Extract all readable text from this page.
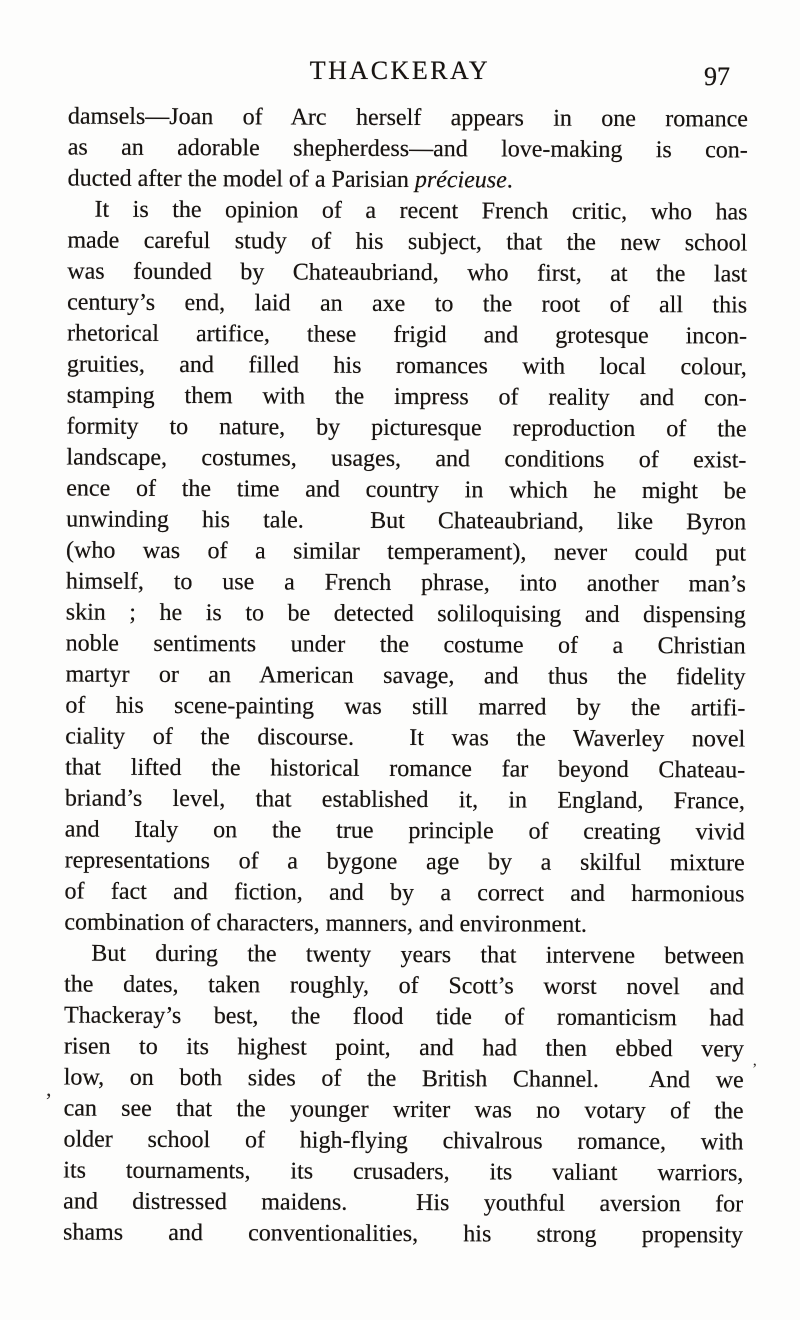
THACKERAY	97
damsels—Joan of Arc herself appears in one romance
as an adorable shepherdess—and love-making is con-
ducted after the model of a Parisian précieuse.
It is the opinion of a recent French critic, who has
made careful study of his subject, that the new school
was founded by Chateaubriand, who first, at the last
century’s end, laid an axe to the root of all this
rhetorical artifice, these frigid and grotesque incon-
gruities, and filled his romances with local colour,
stamping them with the impress of reality and con-
formity to nature, by picturesque reproduction of the
landscape, costumes, usages, and conditions of exist-
ence of the time and country in which he might be
unwinding his tale.  But Chateaubriand, like Byron
(who was of a similar temperament), never could put
himself, to use a French phrase, into another man’s
skin ; he is to be detected soliloquising and dispensing
noble sentiments under the costume of a Christian
martyr or an American savage, and thus the fidelity
of his scene-painting was still marred by the artifi-
ciality of the discourse.  It was the Waverley novel
that lifted the historical romance far beyond Chateau-
briand’s level, that established it, in England, France,
and Italy on the true principle of creating vivid
representations of a bygone age by a skilful mixture
of fact and fiction, and by a correct and harmonious
combination of characters, manners, and environment.
But during the twenty years that intervene between
the dates, taken roughly, of Scott’s worst novel and
Thackeray’s best, the flood tide of romanticism had
risen to its highest point, and had then ebbed very
low, on both sides of the British Channel.  And we
can see that the younger writer was no votary of the
older school of high-flying chivalrous romance, with
its tournaments, its crusaders, its valiant warriors,
and distressed maidens.  His youthful aversion for
shams and conventionalities, his strong propensity
,
’
